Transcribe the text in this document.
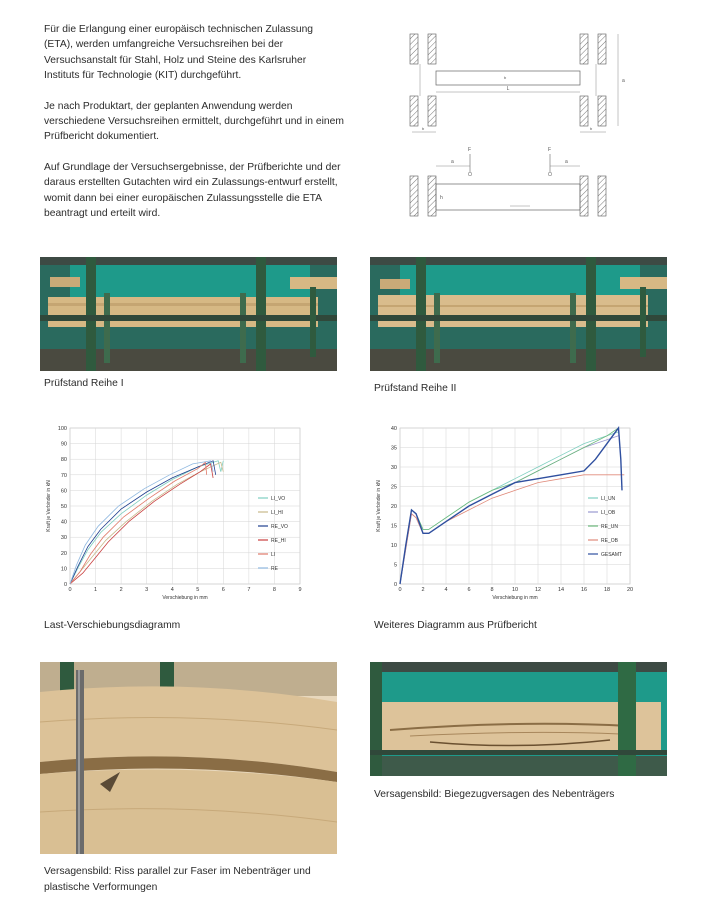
Für die Erlangung einer europäisch technischen Zulassung (ETA), werden umfangreiche Versuchsreihen bei der Versuchsanstalt für Stahl, Holz und Steine des Karlsruher Instituts für Technologie (KIT) durchgeführt.

Je nach Produktart, der geplanten Anwendung werden verschiedene Versuchsreihen ermittelt, durchgeführt und in einem Prüfbericht dokumentiert.

Auf Grundlage der Versuchsergebnisse, der Prüfberichte und der daraus erstellten Gutachten wird ein Zulassungs-entwurf erstellt, womit dann bei einer europäischen Zulassungsstelle die ETA beantragt und erteilt wird.

L
a
b
b	b
F	F
a	a
h
Prüfstand Reihe I	Prüfstand Reihe II
0	1	2	3	4	5	6	7	8	9
0
10
20
30
40
50
60
70
80
90
100
Verschiebung in mm
Kraft je Verbinder in kN	LI_VO
LI_HI
RE_VO
RE_HI
LI
RE
Last-Verschiebungsdiagramm
0	2	4	6	8	10	12	14	16	18	20
0
5
10
15
20
25
30
35
40
Verschiebung in mm
Kraft je Verbinder in kN	LI_UN
LI_OB
RE_UN
RE_OB
GESAMT
Weiteres Diagramm aus Prüfbericht
Versagensbild: Riss parallel zur Faser im Nebenträger und plastische Verformungen
Versagensbild: Biegezugversagen des Nebenträgers
